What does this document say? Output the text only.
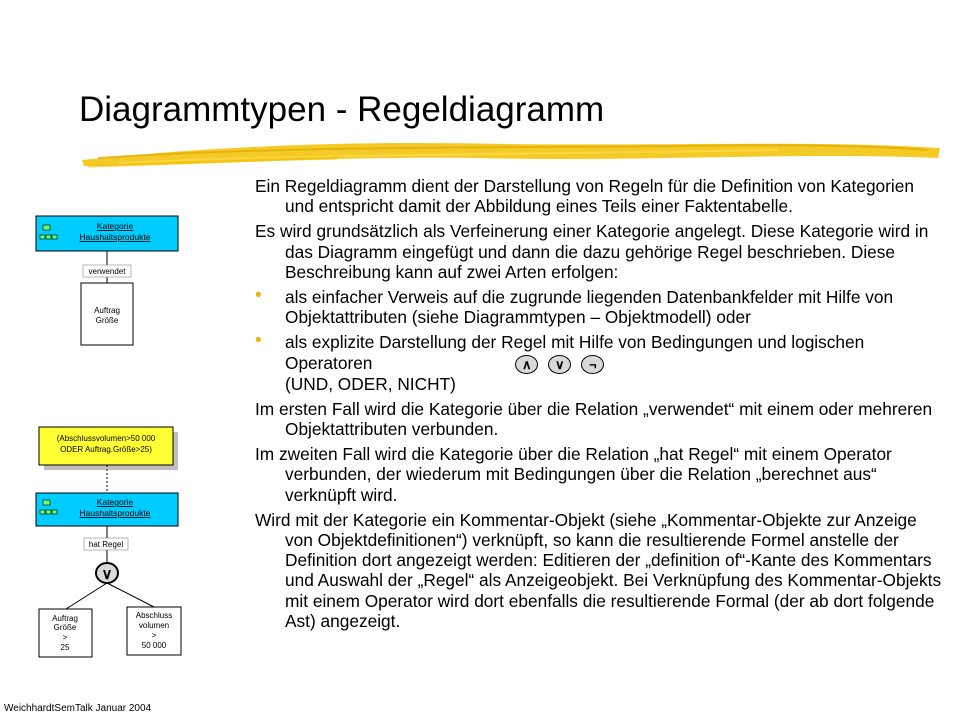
Diagrammtypen - Regeldiagramm

Ein Regeldiagramm dient der Darstellung von Regeln für die Definition von Kategorien und entspricht damit der Abbildung eines Teils einer Faktentabelle.

Es wird grundsätzlich als Verfeinerung einer Kategorie angelegt. Diese Kategorie wird in das Diagramm eingefügt und dann die dazu gehörige Regel beschrieben. Diese Beschreibung kann auf zwei Arten erfolgen:

• als einfacher Verweis auf die zugrunde liegenden Datenbankfelder mit Hilfe von Objektattributen (siehe Diagrammtypen – Objektmodell) oder
• als explizite Darstellung der Regel mit Hilfe von Bedingungen und logischen Operatoren	∧	∨	¬

(UND, ODER, NICHT)

Im ersten Fall wird die Kategorie über die Relation „verwendet“ mit einem oder mehreren Objektattributen verbunden.

Im zweiten Fall wird die Kategorie über die Relation „hat Regel“ mit einem Operator verbunden, der wiederum mit Bedingungen über die Relation „berechnet aus“ verknüpft wird.

Wird mit der Kategorie ein Kommentar-Objekt (siehe „Kommentar-Objekte zur Anzeige von Objektdefinitionen“) verknüpft, so kann die resultierende Formel anstelle der Definition dort angezeigt werden: Editieren der „definition of“-Kante des Kommentars und Auswahl der „Regel“ als Anzeigeobjekt. Bei Verknüpfung des Kommentar-Objekts mit einem Operator wird dort ebenfalls die resultierende Formal (der ab dort folgende Ast) angezeigt.

Kategorie
Haushaltsprodukte
verwendet
Auftrag
Größe
(Abschlussvolumen>50 000
ODER Auftrag.Größe>25)
Kategorie
Haushaltsprodukte
hat Regel
∨
Auftrag
Größe
>
25
Abschluss
volumen
>
50 000
WeichhardtSemTalk Januar 2004
